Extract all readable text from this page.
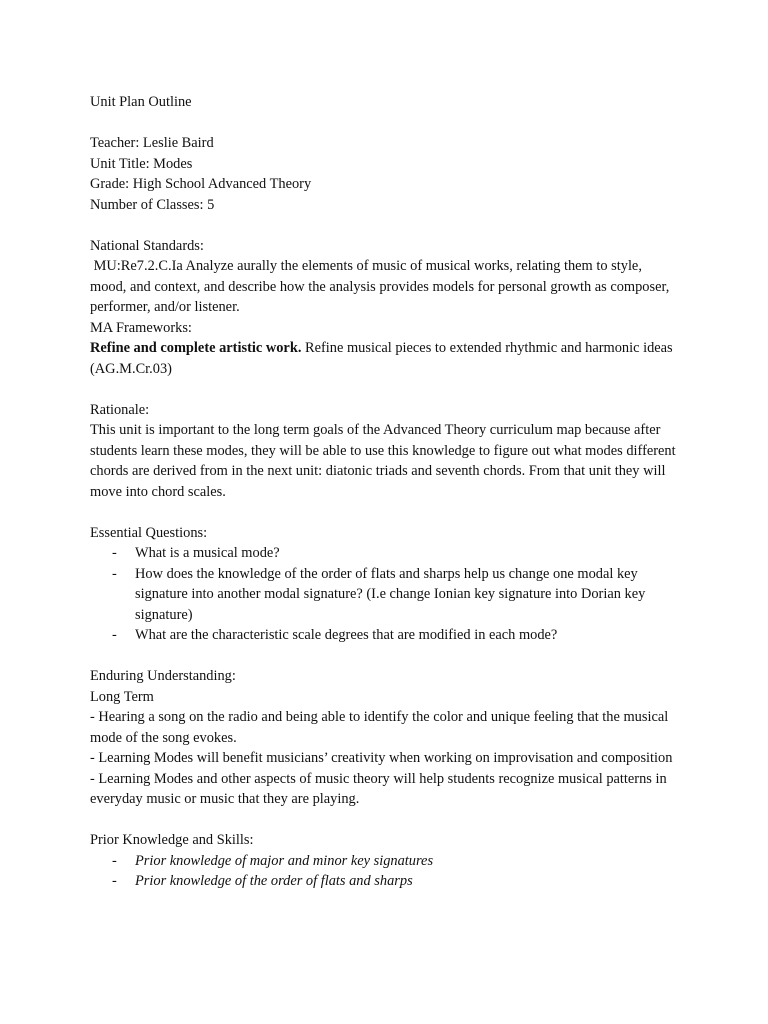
Unit Plan Outline

Teacher: Leslie Baird

Unit Title: Modes

Grade: High School Advanced Theory

Number of Classes: 5

National Standards:

MU:Re7.2.C.Ia Analyze aurally the elements of music of musical works, relating them to style, mood, and context, and describe how the analysis provides models for personal growth as composer, performer, and/or listener.

MA Frameworks:

Refine and complete artistic work. Refine musical pieces to extended rhythmic and harmonic ideas  (AG.M.Cr.03)

Rationale:

This unit is important to the long term goals of the Advanced Theory curriculum map because after students learn these modes, they will be able to use this knowledge to figure out what modes different chords are derived from in the next unit: diatonic triads and seventh chords. From that unit they will move into chord scales.

Essential Questions:

- What is a musical mode?
- How does the knowledge of the order of flats and sharps help us change one modal key signature into another modal signature? (I.e change Ionian key signature into Dorian key signature)
- What are the characteristic scale degrees that are modified in each mode?

Enduring Understanding:

Long Term

- Hearing a song on the radio and being able to identify the color and unique feeling that the musical mode of the song evokes.

- Learning Modes will benefit musicians’ creativity when working on improvisation and composition

- Learning Modes and other aspects of music theory will help students recognize musical patterns in everyday music or music that they are playing.

Prior Knowledge and Skills:

- Prior knowledge of major and minor key signatures
- Prior knowledge of the order of flats and sharps
